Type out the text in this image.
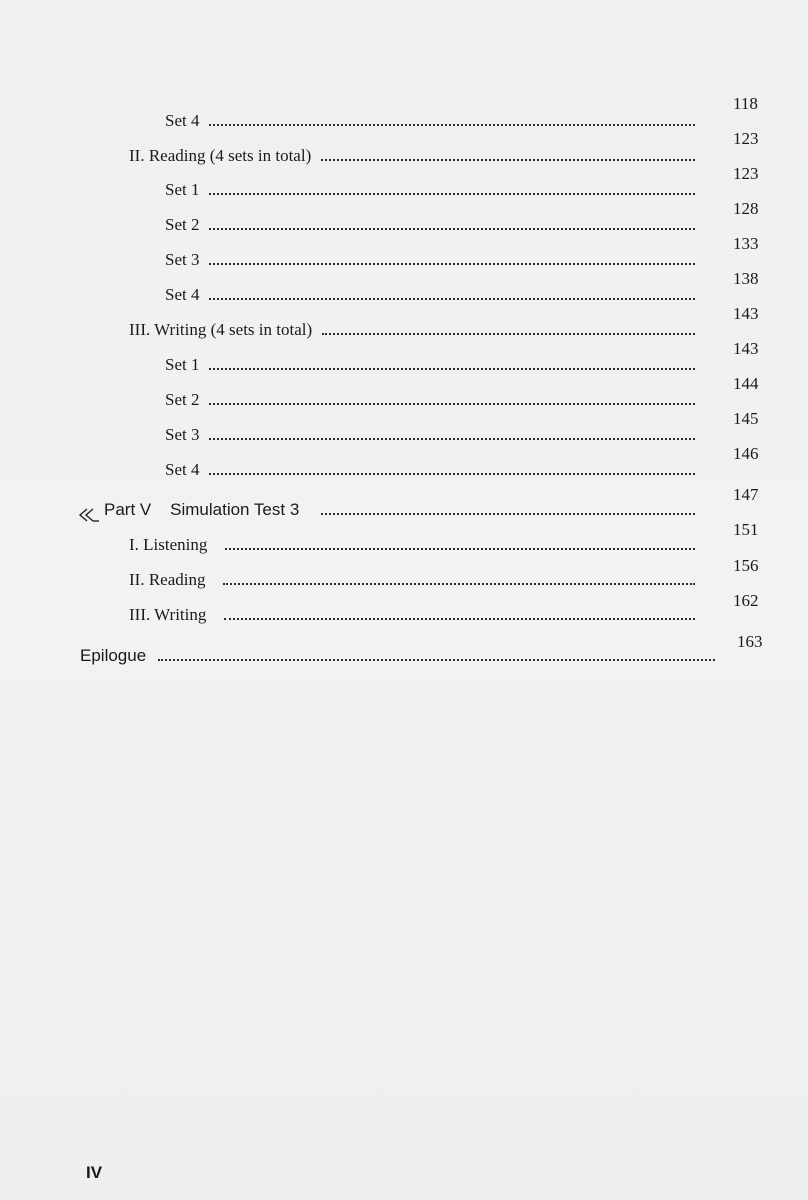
Set 4
118
II. Reading (4 sets in total)
123
Set 1
123
Set 2
128
Set 3
133
Set 4
138
III. Writing (4 sets in total)
143
Set 1
143
Set 2
144
Set 3
145
Set 4
146
Part V    Simulation Test 3
147
I. Listening
151
II. Reading
156
III. Writing
162
Epilogue
163
IV
